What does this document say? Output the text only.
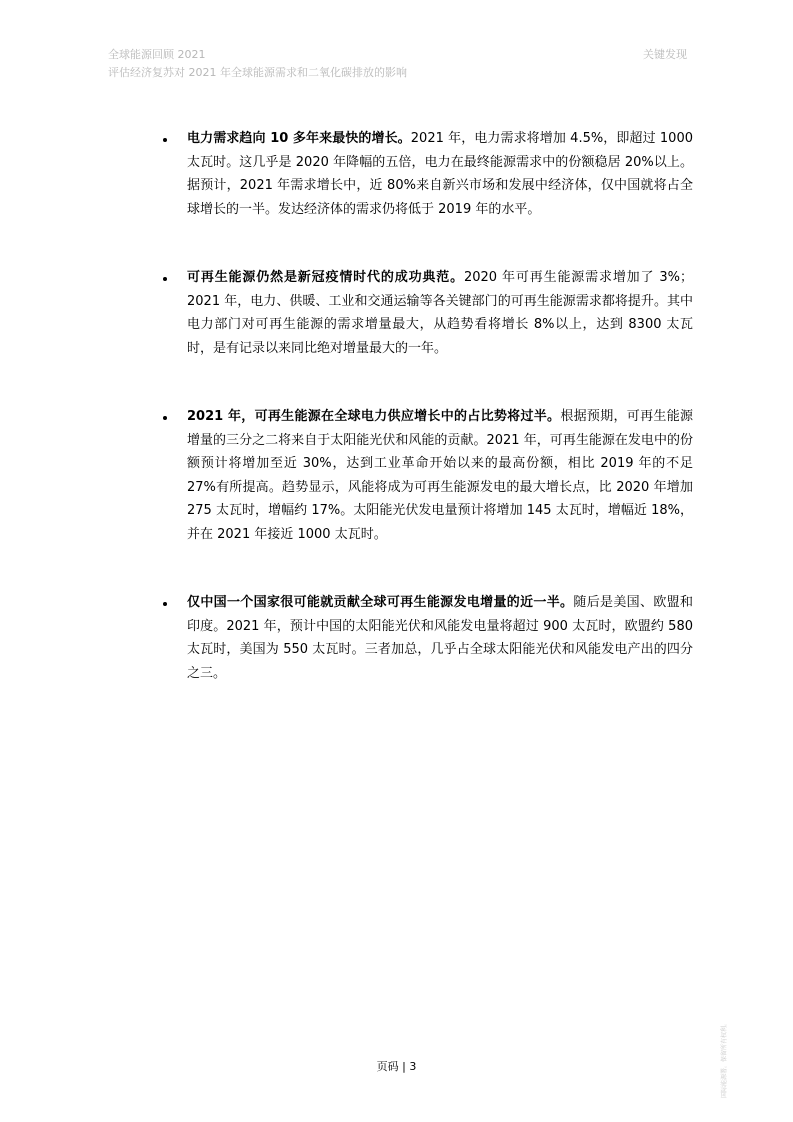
全球能源回顾 2021
评估经济复苏对 2021 年全球能源需求和二氧化碳排放的影响
关键发现
电力需求趋向 10 多年来最快的增长。2021 年，电力需求将增加 4.5%，即超过 1000 太瓦时。这几乎是 2020 年降幅的五倍，电力在最终能源需求中的份额稳居 20%以上。据预计，2021 年需求增长中，近 80%来自新兴市场和发展中经济体，仅中国就将占全球增长的一半。发达经济体的需求仍将低于 2019 年的水平。
可再生能源仍然是新冠疫情时代的成功典范。2020 年可再生能源需求增加了 3%；2021 年，电力、供暖、工业和交通运输等各关键部门的可再生能源需求都将提升。其中电力部门对可再生能源的需求增量最大，从趋势看将增长 8%以上，达到 8300 太瓦时，是有记录以来同比绝对增量最大的一年。
2021 年，可再生能源在全球电力供应增长中的占比势将过半。根据预期，可再生能源增量的三分之二将来自于太阳能光伏和风能的贡献。2021 年，可再生能源在发电中的份额预计将增加至近 30%，达到工业革命开始以来的最高份额，相比 2019 年的不足 27%有所提高。趋势显示，风能将成为可再生能源发电的最大增长点，比 2020 年增加 275 太瓦时，增幅约 17%。太阳能光伏发电量预计将增加 145 太瓦时，增幅近 18%，并在 2021 年接近 1000 太瓦时。
仅中国一个国家很可能就贡献全球可再生能源发电增量的近一半。随后是美国、欧盟和印度。2021 年，预计中国的太阳能光伏和风能发电量将超过 900 太瓦时，欧盟约 580 太瓦时，美国为 550 太瓦时。三者加总，几乎占全球太阳能光伏和风能发电产出的四分之三。
页码 | 3	国际能源署。保留所有权利。
